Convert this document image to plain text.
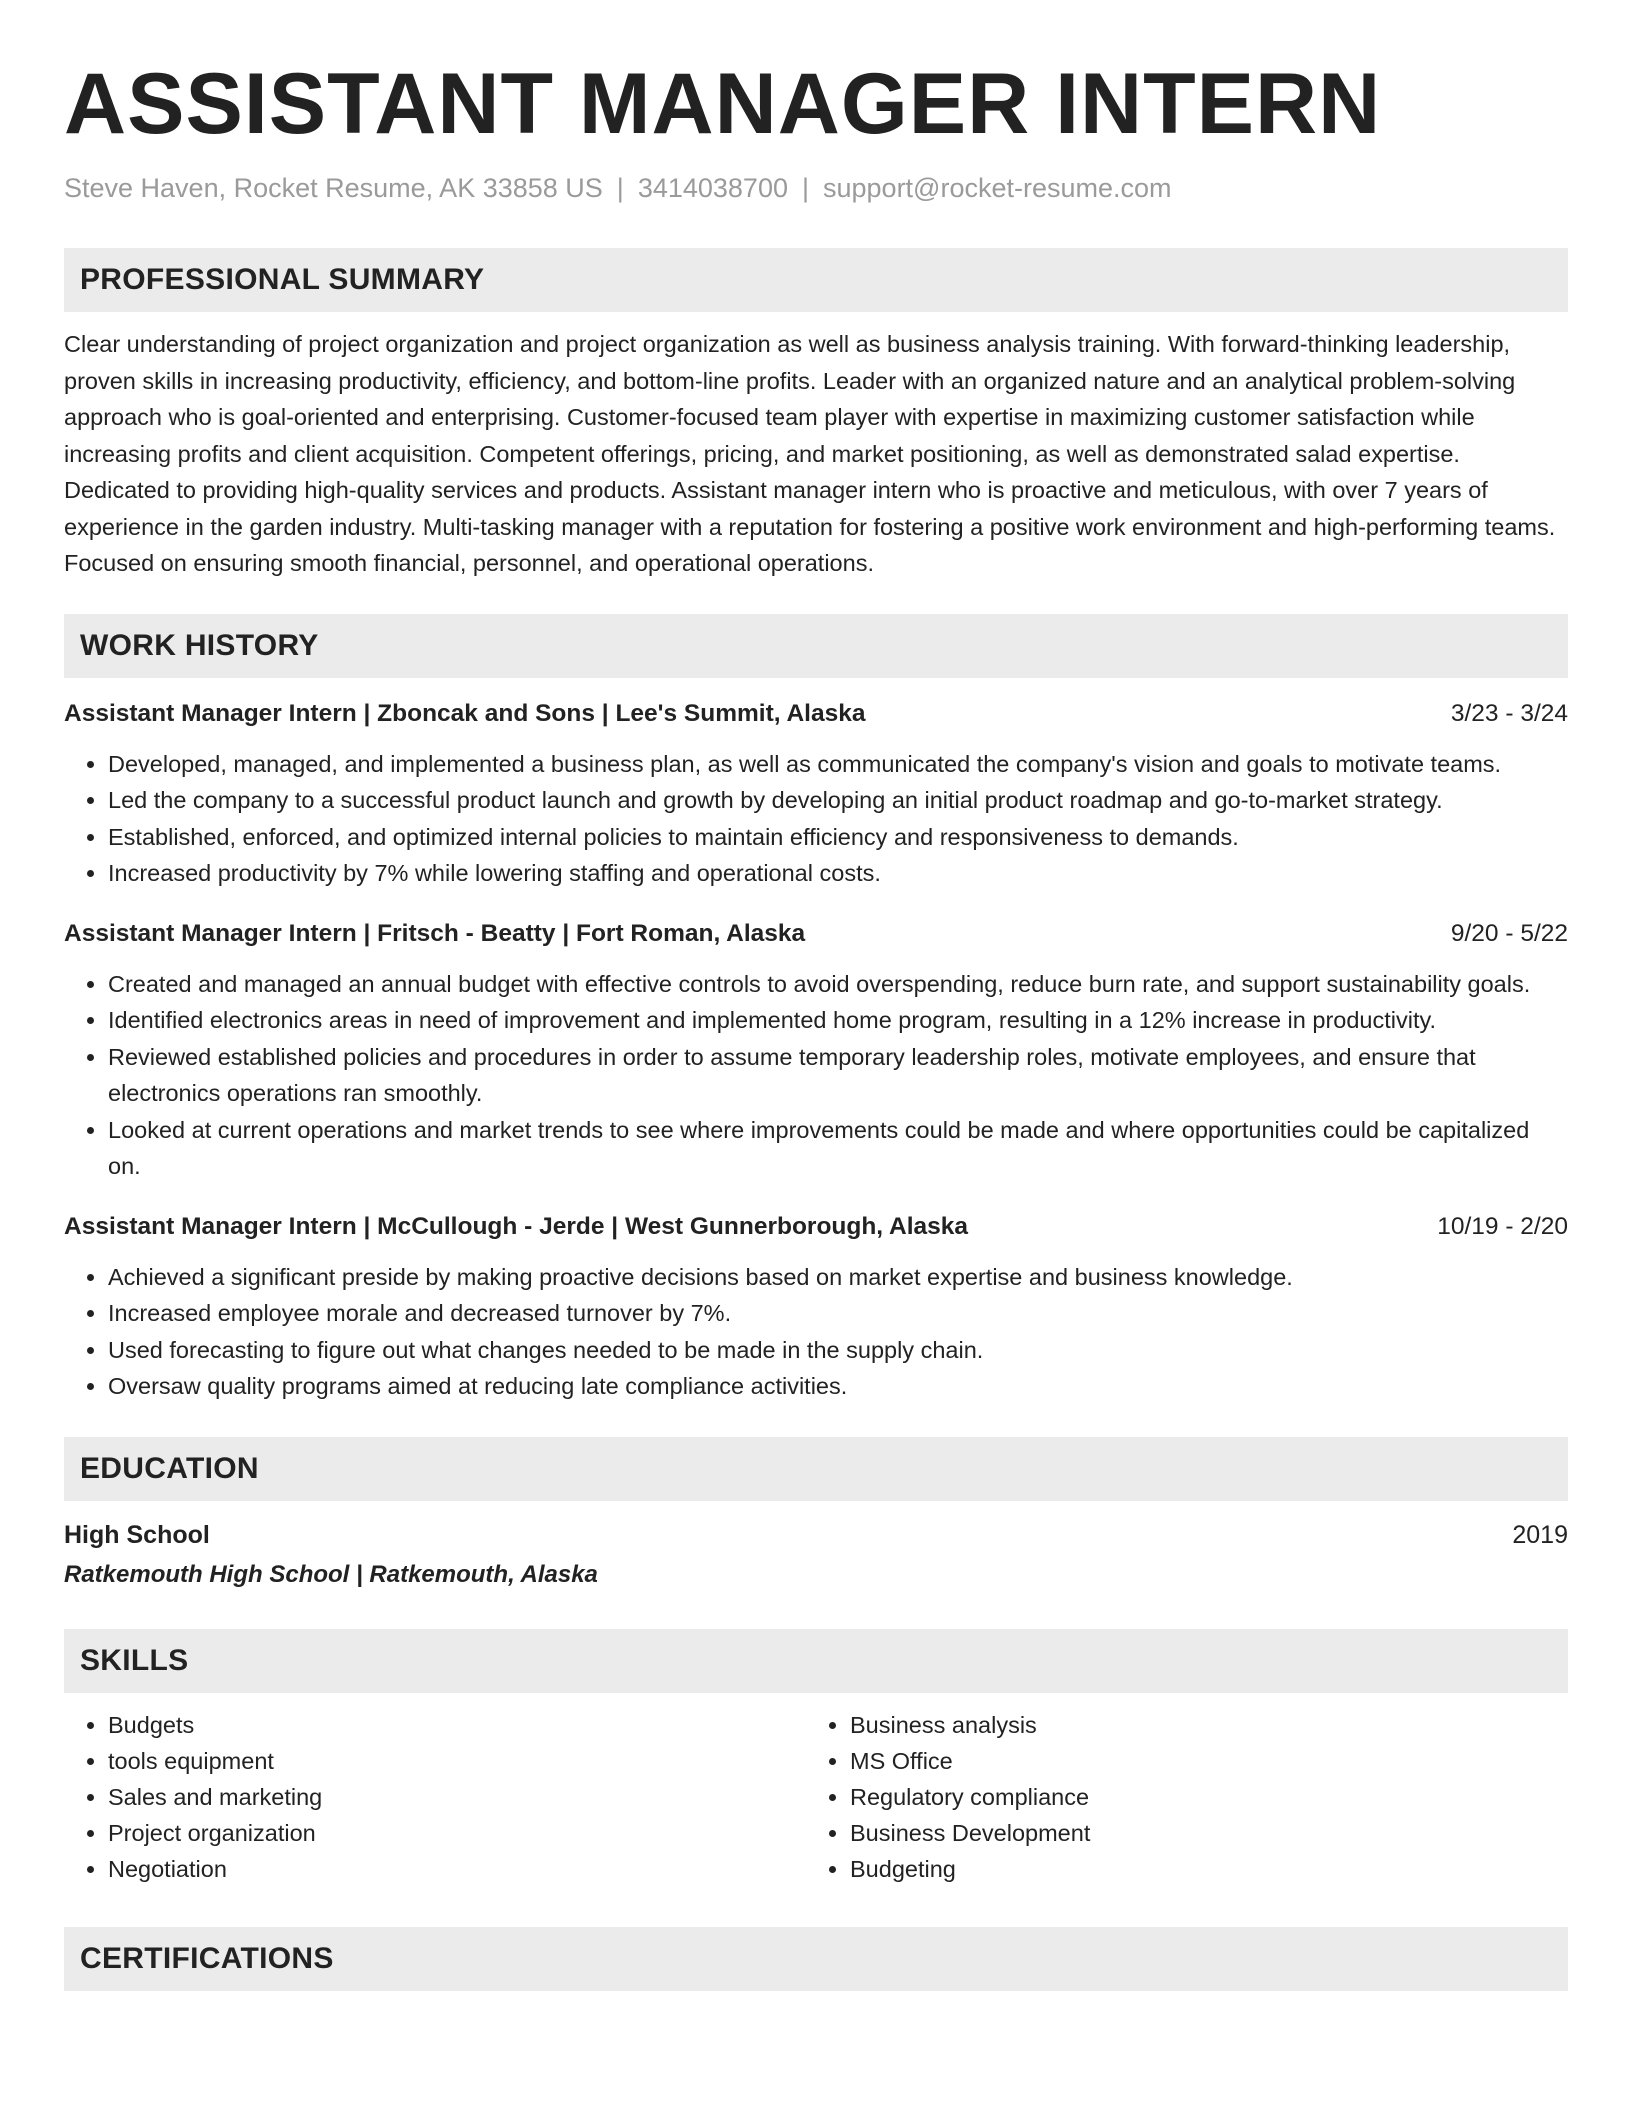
ASSISTANT MANAGER INTERN
Steve Haven, Rocket Resume, AK 33858 US | 3414038700 | support@rocket-resume.com
PROFESSIONAL SUMMARY
Clear understanding of project organization and project organization as well as business analysis training. With forward-thinking leadership, proven skills in increasing productivity, efficiency, and bottom-line profits. Leader with an organized nature and an analytical problem-solving approach who is goal-oriented and enterprising. Customer-focused team player with expertise in maximizing customer satisfaction while increasing profits and client acquisition. Competent offerings, pricing, and market positioning, as well as demonstrated salad expertise. Dedicated to providing high-quality services and products. Assistant manager intern who is proactive and meticulous, with over 7 years of experience in the garden industry. Multi-tasking manager with a reputation for fostering a positive work environment and high-performing teams. Focused on ensuring smooth financial, personnel, and operational operations.
WORK HISTORY
Assistant Manager Intern | Zboncak and Sons | Lee's Summit, Alaska	3/23 - 3/24
• Developed, managed, and implemented a business plan, as well as communicated the company's vision and goals to motivate teams.
• Led the company to a successful product launch and growth by developing an initial product roadmap and go-to-market strategy.
• Established, enforced, and optimized internal policies to maintain efficiency and responsiveness to demands.
• Increased productivity by 7% while lowering staffing and operational costs.
Assistant Manager Intern | Fritsch - Beatty | Fort Roman, Alaska	9/20 - 5/22
• Created and managed an annual budget with effective controls to avoid overspending, reduce burn rate, and support sustainability goals.
• Identified electronics areas in need of improvement and implemented home program, resulting in a 12% increase in productivity.
• Reviewed established policies and procedures in order to assume temporary leadership roles, motivate employees, and ensure that electronics operations ran smoothly.
• Looked at current operations and market trends to see where improvements could be made and where opportunities could be capitalized on.
Assistant Manager Intern | McCullough - Jerde | West Gunnerborough, Alaska	10/19 - 2/20
• Achieved a significant preside by making proactive decisions based on market expertise and business knowledge.
• Increased employee morale and decreased turnover by 7%.
• Used forecasting to figure out what changes needed to be made in the supply chain.
• Oversaw quality programs aimed at reducing late compliance activities.
EDUCATION
High School	2019
Ratkemouth High School | Ratkemouth, Alaska
SKILLS
• Budgets
• tools equipment
• Sales and marketing
• Project organization
• Negotiation
• Business analysis
• MS Office
• Regulatory compliance
• Business Development
• Budgeting
CERTIFICATIONS
